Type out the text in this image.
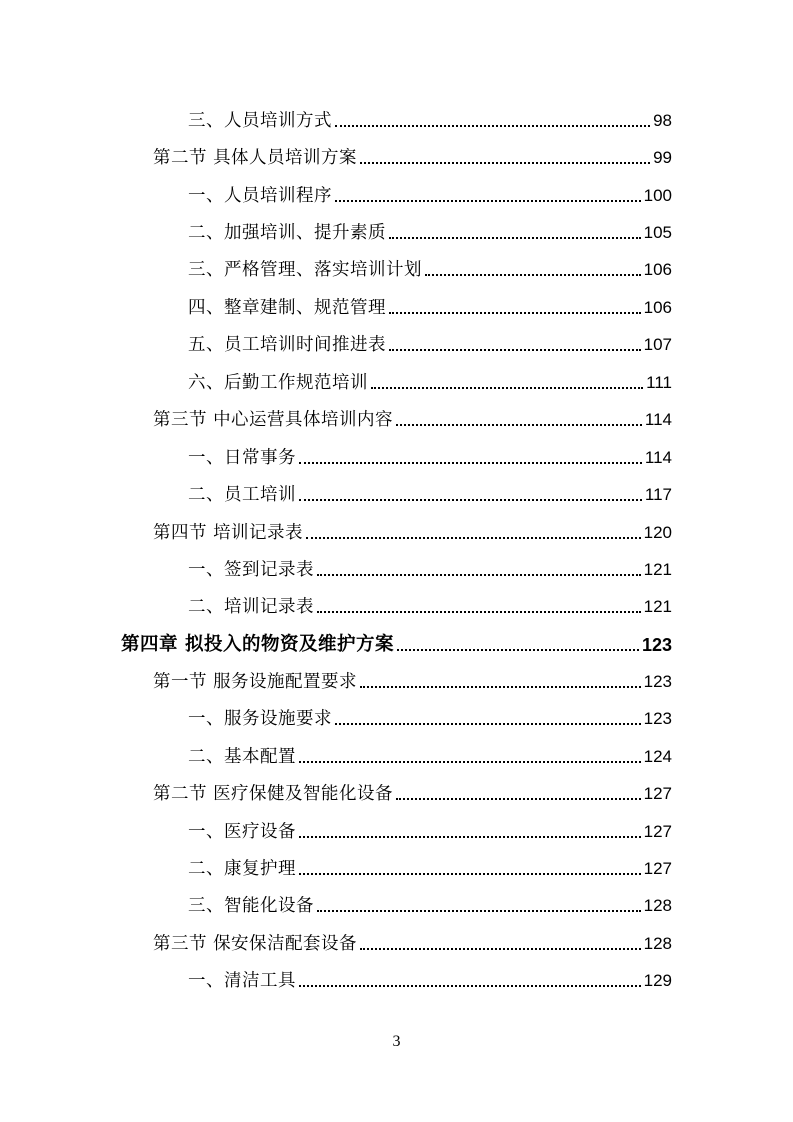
三、人员培训方式	98
第二节 具体人员培训方案	99
一、人员培训程序	100
二、加强培训、提升素质	105
三、严格管理、落实培训计划	106
四、整章建制、规范管理	106
五、员工培训时间推进表	107
六、后勤工作规范培训	111
第三节 中心运营具体培训内容	114
一、日常事务	114
二、员工培训	117
第四节 培训记录表	120
一、签到记录表	121
二、培训记录表	121
第四章 拟投入的物资及维护方案	123
第一节 服务设施配置要求	123
一、服务设施要求	123
二、基本配置	124
第二节 医疗保健及智能化设备	127
一、医疗设备	127
二、康复护理	127
三、智能化设备	128
第三节 保安保洁配套设备	128
一、清洁工具	129
3
